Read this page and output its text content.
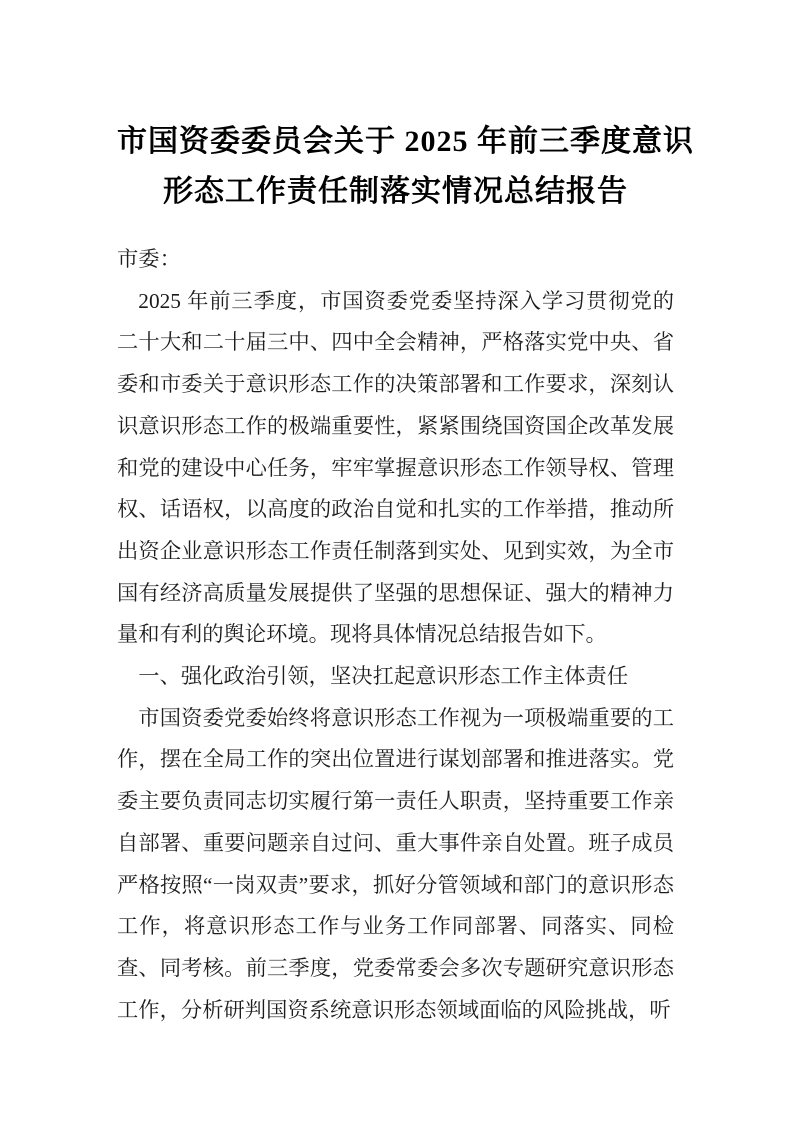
市国资委委员会关于 2025 年前三季度意识
形态工作责任制落实情况总结报告

市委：

2025 年前三季度，市国资委党委坚持深入学习贯彻党的二十大和二十届三中、四中全会精神，严格落实党中央、省委和市委关于意识形态工作的决策部署和工作要求，深刻认识意识形态工作的极端重要性，紧紧围绕国资国企改革发展和党的建设中心任务，牢牢掌握意识形态工作领导权、管理权、话语权，以高度的政治自觉和扎实的工作举措，推动所出资企业意识形态工作责任制落到实处、见到实效，为全市国有经济高质量发展提供了坚强的思想保证、强大的精神力量和有利的舆论环境。现将具体情况总结报告如下。

一、强化政治引领，坚决扛起意识形态工作主体责任

市国资委党委始终将意识形态工作视为一项极端重要的工作，摆在全局工作的突出位置进行谋划部署和推进落实。党委主要负责同志切实履行第一责任人职责，坚持重要工作亲自部署、重要问题亲自过问、重大事件亲自处置。班子成员严格按照“一岗双责”要求，抓好分管领域和部门的意识形态工作，将意识形态工作与业务工作同部署、同落实、同检查、同考核。前三季度，党委常委会多次专题研究意识形态工作，分析研判国资系统意识形态领域面临的风险挑战，听
